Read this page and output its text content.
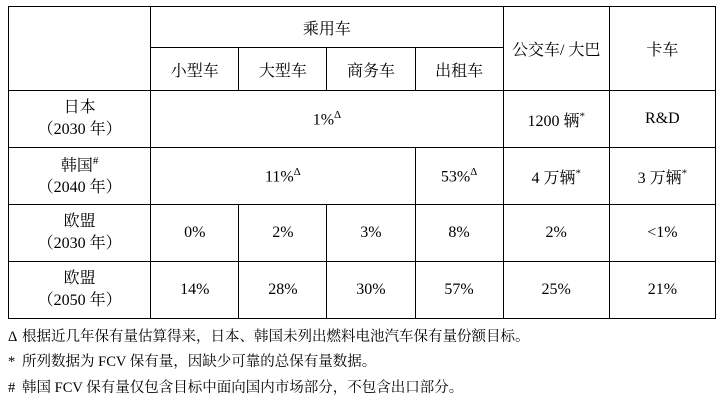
	乘用车				公交车/ 大巴	卡车
	小型车	大型车	商务车	出租车		

日本
（2030 年）	1%$^\Delta$				1200 辆*	R&D

韩国#
（2040 年）	11%$^\Delta$			53%$^\Delta$	4 万辆*	3 万辆*

欧盟
（2030 年）	0%	2%	3%	8%	2%	<1%

欧盟
（2050 年）	14%	28%	30%	57%	25%	21%
Δ 根据近几年保有量估算得来，日本、韩国未列出燃料电池汽车保有量份额目标。
* 所列数据为 FCV 保有量，因缺少可靠的总保有量数据。
# 韩国 FCV 保有量仅包含目标中面向国内市场部分，不包含出口部分。
